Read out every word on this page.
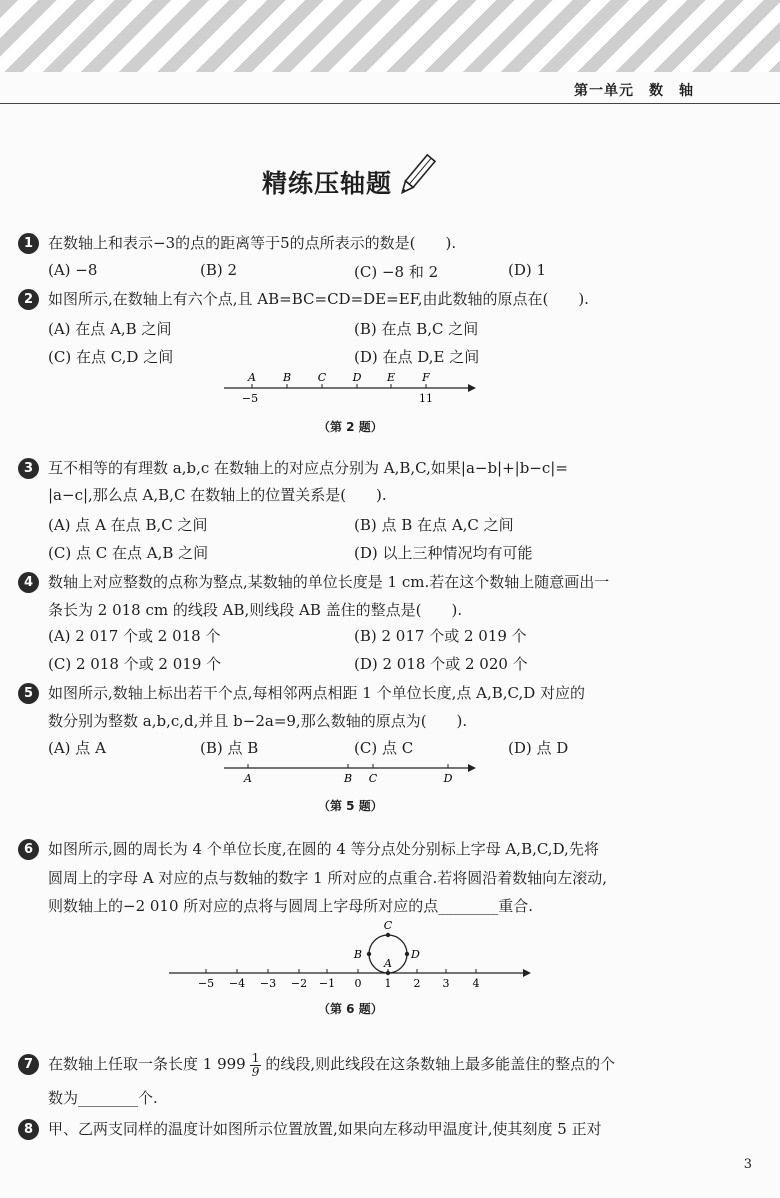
第一单元　数　轴
精练压轴题
1 在数轴上和表示−3的点的距离等于5的点所表示的数是(　　).
(A) −8	(B) 2	(C) −8 和 2	(D) 1
2 如图所示,在数轴上有六个点,且 AB=BC=CD=DE=EF,由此数轴的原点在(　　).
(A) 在点 A,B 之间	(B) 在点 B,C 之间
(C) 在点 C,D 之间	(D) 在点 D,E 之间
A B C D E F
−5	11
（第 2 题）
3 互不相等的有理数 a,b,c 在数轴上的对应点分别为 A,B,C,如果|a−b|+|b−c|=
|a−c|,那么点 A,B,C 在数轴上的位置关系是(　　).
(A) 点 A 在点 B,C 之间	(B) 点 B 在点 A,C 之间
(C) 点 C 在点 A,B 之间	(D) 以上三种情况均有可能
4 数轴上对应整数的点称为整点,某数轴的单位长度是 1 cm.若在这个数轴上随意画出一
条长为 2 018 cm 的线段 AB,则线段 AB 盖住的整点是(　　).
(A) 2 017 个或 2 018 个	(B) 2 017 个或 2 019 个
(C) 2 018 个或 2 019 个	(D) 2 018 个或 2 020 个
5 如图所示,数轴上标出若干个点,每相邻两点相距 1 个单位长度,点 A,B,C,D 对应的
数分别为整数 a,b,c,d,并且 b−2a=9,那么数轴的原点为(　　).
(A) 点 A	(B) 点 B	(C) 点 C	(D) 点 D
A	B C	D
（第 5 题）
6 如图所示,圆的周长为 4 个单位长度,在圆的 4 等分点处分别标上字母 A,B,C,D,先将
圆周上的字母 A 对应的点与数轴的数字 1 所对应的点重合.若将圆沿着数轴向左滚动,
则数轴上的−2 010 所对应的点将与圆周上字母所对应的点________重合.
−5 −4 −3 −2 −1 0 1 2 3 4
C
B
A
D
（第 6 题）
7 在数轴上任取一条长度 1 $999 \frac{1}{9}$ 的线段,则此线段在这条数轴上最多能盖住的整点的个
数为________个.
8 甲、乙两支同样的温度计如图所示位置放置,如果向左移动甲温度计,使其刻度 5 正对
3
